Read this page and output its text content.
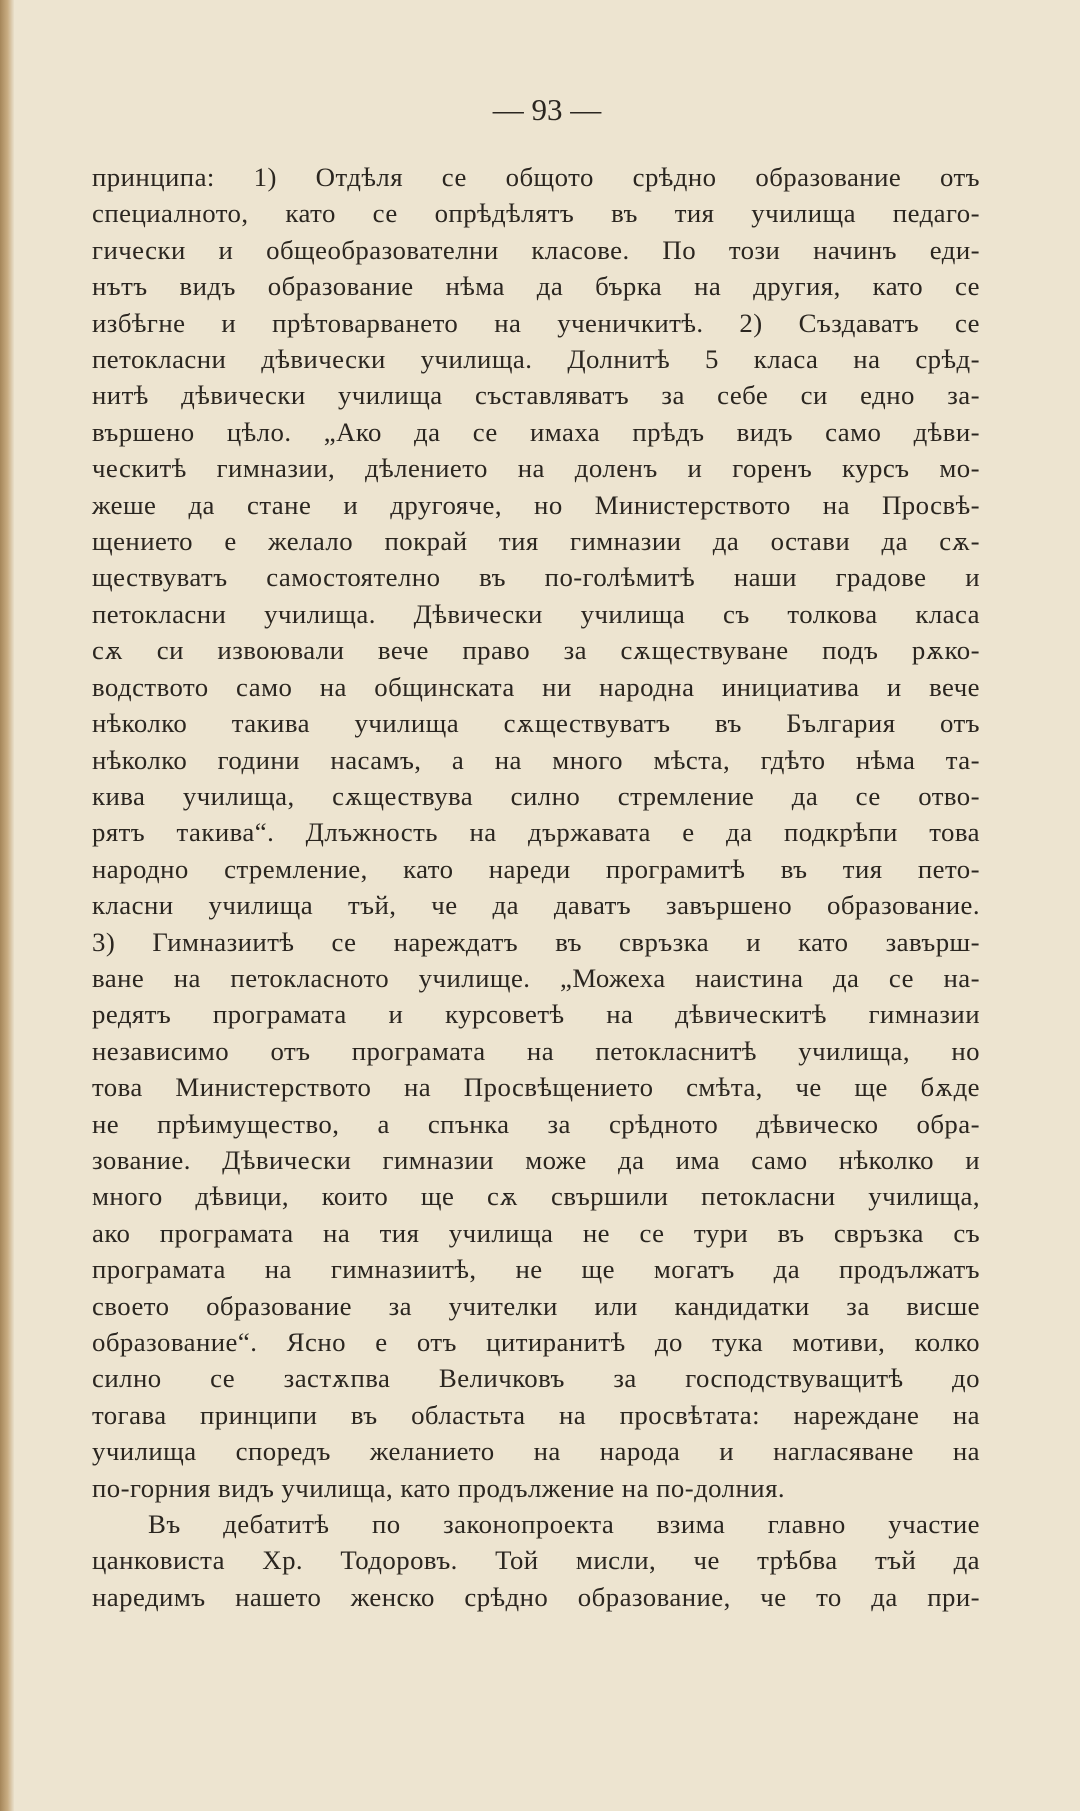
— 93 —
принципа: 1) Отдѣля се общото срѣдно образование отъ
специалното, като се опрѣдѣлятъ въ тия училища педаго-
гически и общеобразователни класове. По този начинъ еди-
нътъ видъ образование нѣма да бърка на другия, като се
избѣгне и прѣтоварването на ученичкитѣ. 2) Създаватъ се
петокласни дѣвически училища. Долнитѣ 5 класа на срѣд-
нитѣ дѣвически училища съставляватъ за себе си едно за-
вършено цѣло. „Ако да се имаха прѣдъ видъ само дѣви-
ческитѣ гимназии, дѣлението на доленъ и горенъ курсъ мо-
жеше да стане и другояче, но Министерството на Просвѣ-
щението е желало покрай тия гимназии да остави да сѫ-
ществуватъ самостоятелно въ по-голѣмитѣ наши градове и
петокласни училища. Дѣвически училища съ толкова класа
сѫ си извоювали вече право за сѫществуване подъ рѫко-
водството само на общинската ни народна инициатива и вече
нѣколко такива училища сѫществуватъ въ България отъ
нѣколко години насамъ, а на много мѣста, гдѣто нѣма та-
кива училища, сѫществува силно стремление да се отво-
рятъ такива“. Длъжность на държавата е да подкрѣпи това
народно стремление, като нареди програмитѣ въ тия пето-
класни училища тъй, че да даватъ завършено образование.
3) Гимназиитѣ се нареждатъ въ свръзка и като завърш-
ване на петокласното училище. „Можеха наистина да се на-
редятъ програмата и курсоветѣ на дѣвическитѣ гимназии
независимо отъ програмата на петокласнитѣ училища, но
това Министерството на Просвѣщението смѣта, че ще бѫде
не прѣимущество, а спънка за срѣдното дѣвическо обра-
зование. Дѣвически гимназии може да има само нѣколко и
много дѣвици, които ще сѫ свършили петокласни училища,
ако програмата на тия училища не се тури въ свръзка съ
програмата на гимназиитѣ, не ще могатъ да продължатъ
своето образование за учителки или кандидатки за висше
образование“. Ясно е отъ цитиранитѣ до тука мотиви, колко
силно се застѫпва Величковъ за господствуващитѣ до
тогава принципи въ областьта на просвѣтата: нареждане на
училища споредъ желанието на народа и нагласяване на
по-горния видъ училища, като продължение на по-долния.
Въ дебатитѣ по законопроекта взима главно участие
цанковиста Хр. Тодоровъ. Той мисли, че трѣбва тъй да
наредимъ нашето женско срѣдно образование, че то да при-
